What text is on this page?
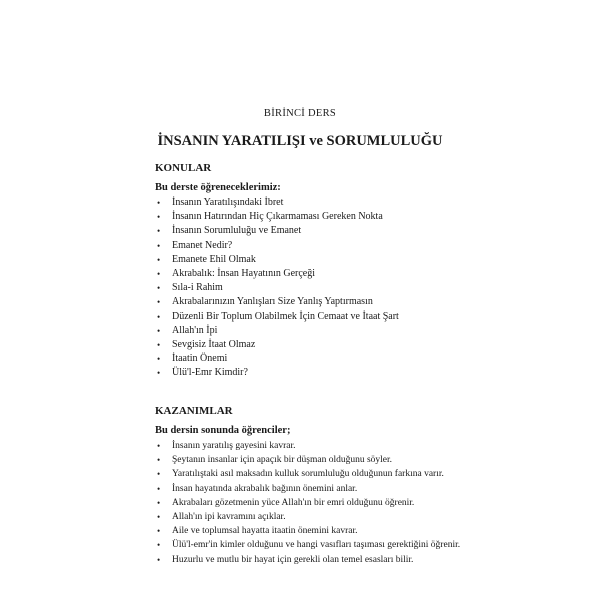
BİRİNCİ DERS
İNSANIN YARATILIŞI ve SORUMLULUĞU
KONULAR
Bu derste öğreneceklerimiz:
• İnsanın Yaratılışındaki İbret
• İnsanın Hatırından Hiç Çıkarmaması Gereken Nokta
• İnsanın Sorumluluğu ve Emanet
• Emanet Nedir?
• Emanete Ehil Olmak
• Akrabalık: İnsan Hayatının Gerçeği
• Sıla-i Rahim
• Akrabalarınızın Yanlışları Size Yanlış Yaptırmasın
• Düzenli Bir Toplum Olabilmek İçin Cemaat ve İtaat Şart
• Allah'ın İpi
• Sevgisiz İtaat Olmaz
• İtaatin Önemi
• Ülü'l-Emr Kimdir?
KAZANIMLAR
Bu dersin sonunda öğrenciler;
• İnsanın yaratılış gayesini kavrar.
• Şeytanın insanlar için apaçık bir düşman olduğunu söyler.
• Yaratılıştaki asıl maksadın kulluk sorumluluğu olduğunun farkına varır.
• İnsan hayatında akrabalık bağının önemini anlar.
• Akrabaları gözetmenin yüce Allah'ın bir emri olduğunu öğrenir.
• Allah'ın ipi kavramını açıklar.
• Aile ve toplumsal hayatta itaatin önemini kavrar.
• Ülü'l-emr'in kimler olduğunu ve hangi vasıfları taşıması gerektiğini öğrenir.
• Huzurlu ve mutlu bir hayat için gerekli olan temel esasları bilir.
